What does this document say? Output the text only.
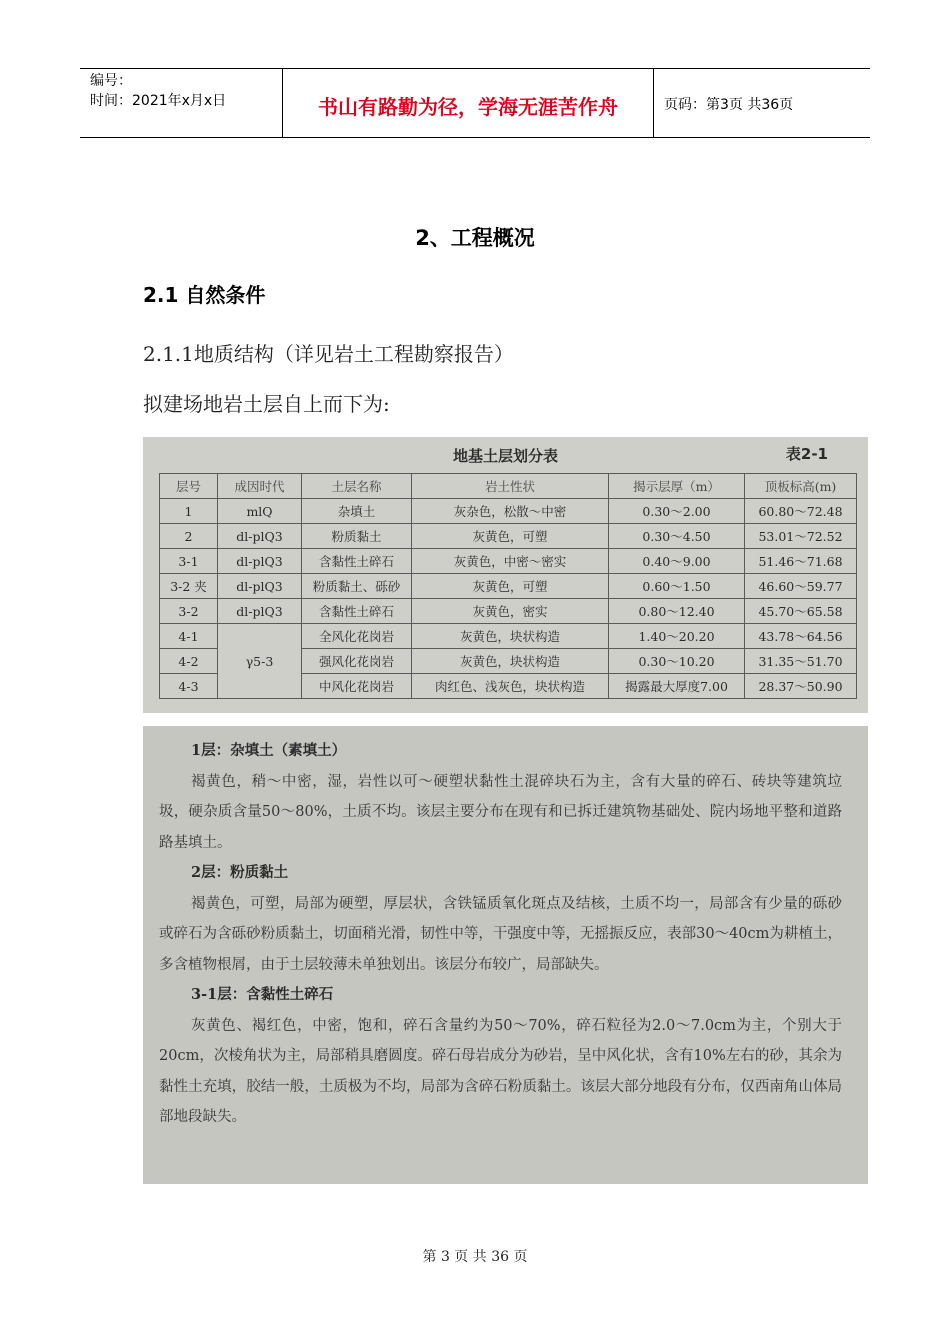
编号：
时间：2021年x月x日	书山有路勤为径，学海无涯苦作舟	页码：第3页 共36页
2、工程概况
2.1 自然条件
2.1.1地质结构（详见岩土工程勘察报告）
拟建场地岩土层自上而下为:
地基土层划分表	表2-1
层号	成因时代	土层名称	岩土性状	揭示层厚（m）	顶板标高(m)
1	mlQ	杂填土	灰杂色，松散～中密	0.30～2.00	60.80～72.48
2	dl-plQ3	粉质黏土	灰黄色，可塑	0.30～4.50	53.01～72.52
3-1	dl-plQ3	含黏性土碎石	灰黄色，中密～密实	0.40～9.00	51.46～71.68
3-2 夹	dl-plQ3	粉质黏土、砾砂	灰黄色，可塑	0.60～1.50	46.60～59.77
3-2	dl-plQ3	含黏性土碎石	灰黄色，密实	0.80～12.40	45.70～65.58
4-1	γ5-3	全风化花岗岩	灰黄色，块状构造	1.40～20.20	43.78～64.56
4-2		强风化花岗岩	灰黄色，块状构造	0.30～10.20	31.35～51.70
4-3		中风化花岗岩	肉红色、浅灰色，块状构造	揭露最大厚度7.00	28.37～50.90
1层：杂填土（素填土）

褐黄色，稍～中密，湿，岩性以可～硬塑状黏性土混碎块石为主，含有大量的碎石、砖块等建筑垃圾，硬杂质含量50～80%，土质不均。该层主要分布在现有和已拆迁建筑物基础处、院内场地平整和道路路基填土。

2层：粉质黏土

褐黄色，可塑，局部为硬塑，厚层状，含铁锰质氧化斑点及结核，土质不均一，局部含有少量的砾砂或碎石为含砾砂粉质黏土，切面稍光滑，韧性中等，干强度中等，无摇振反应，表部30～40cm为耕植土，多含植物根屑，由于土层较薄未单独划出。该层分布较广，局部缺失。

3-1层：含黏性土碎石

灰黄色、褐红色，中密，饱和，碎石含量约为50～70%，碎石粒径为2.0～7.0cm为主，个别大于20cm，次棱角状为主，局部稍具磨圆度。碎石母岩成分为砂岩，呈中风化状，含有10%左右的砂，其余为黏性土充填，胶结一般，土质极为不均，局部为含碎石粉质黏土。该层大部分地段有分布，仅西南角山体局部地段缺失。

第 3 页 共 36 页
